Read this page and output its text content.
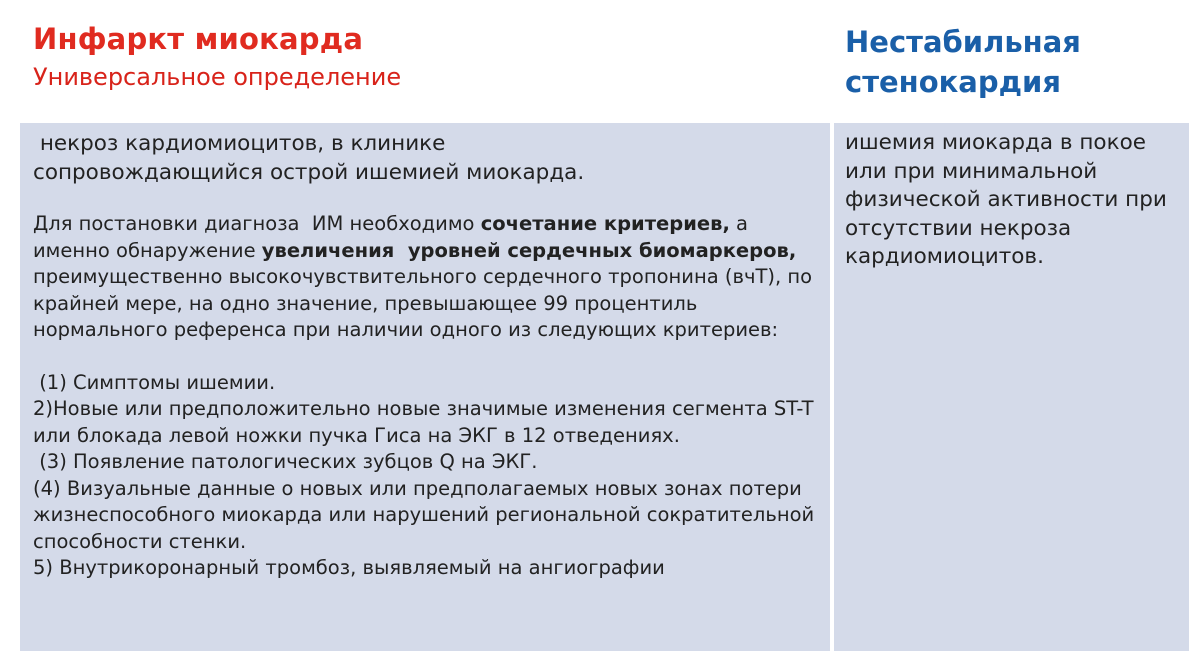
Инфаркт миокарда
Универсальное определение
Нестабильная
стенокардия
некроз кардиомиоцитов, в клинике
сопровождающийся острой ишемией миокарда.

Для постановки диагноза  ИМ необходимо сочетание критериев, а именно обнаружение увеличения  уровней сердечных биомаркеров, преимущественно высокочувствительного сердечного тропонина (вчТ), по крайней мере, на одно значение, превышающее 99 процентиль нормального референса при наличии одного из следующих критериев:

(1) Симптомы ишемии.

2)Новые или предположительно новые значимые изменения сегмента ST-T или блокада левой ножки пучка Гиса на ЭКГ в 12 отведениях.

(3) Появление патологических зубцов Q на ЭКГ.

(4) Визуальные данные о новых или предполагаемых новых зонах потери жизнеспособного миокарда или нарушений региональной сократительной способности стенки.

5) Внутрикоронарный тромбоз, выявляемый на ангиографии

ишемия миокарда в покое или при минимальной физической активности при отсутствии некроза кардиомиоцитов.
